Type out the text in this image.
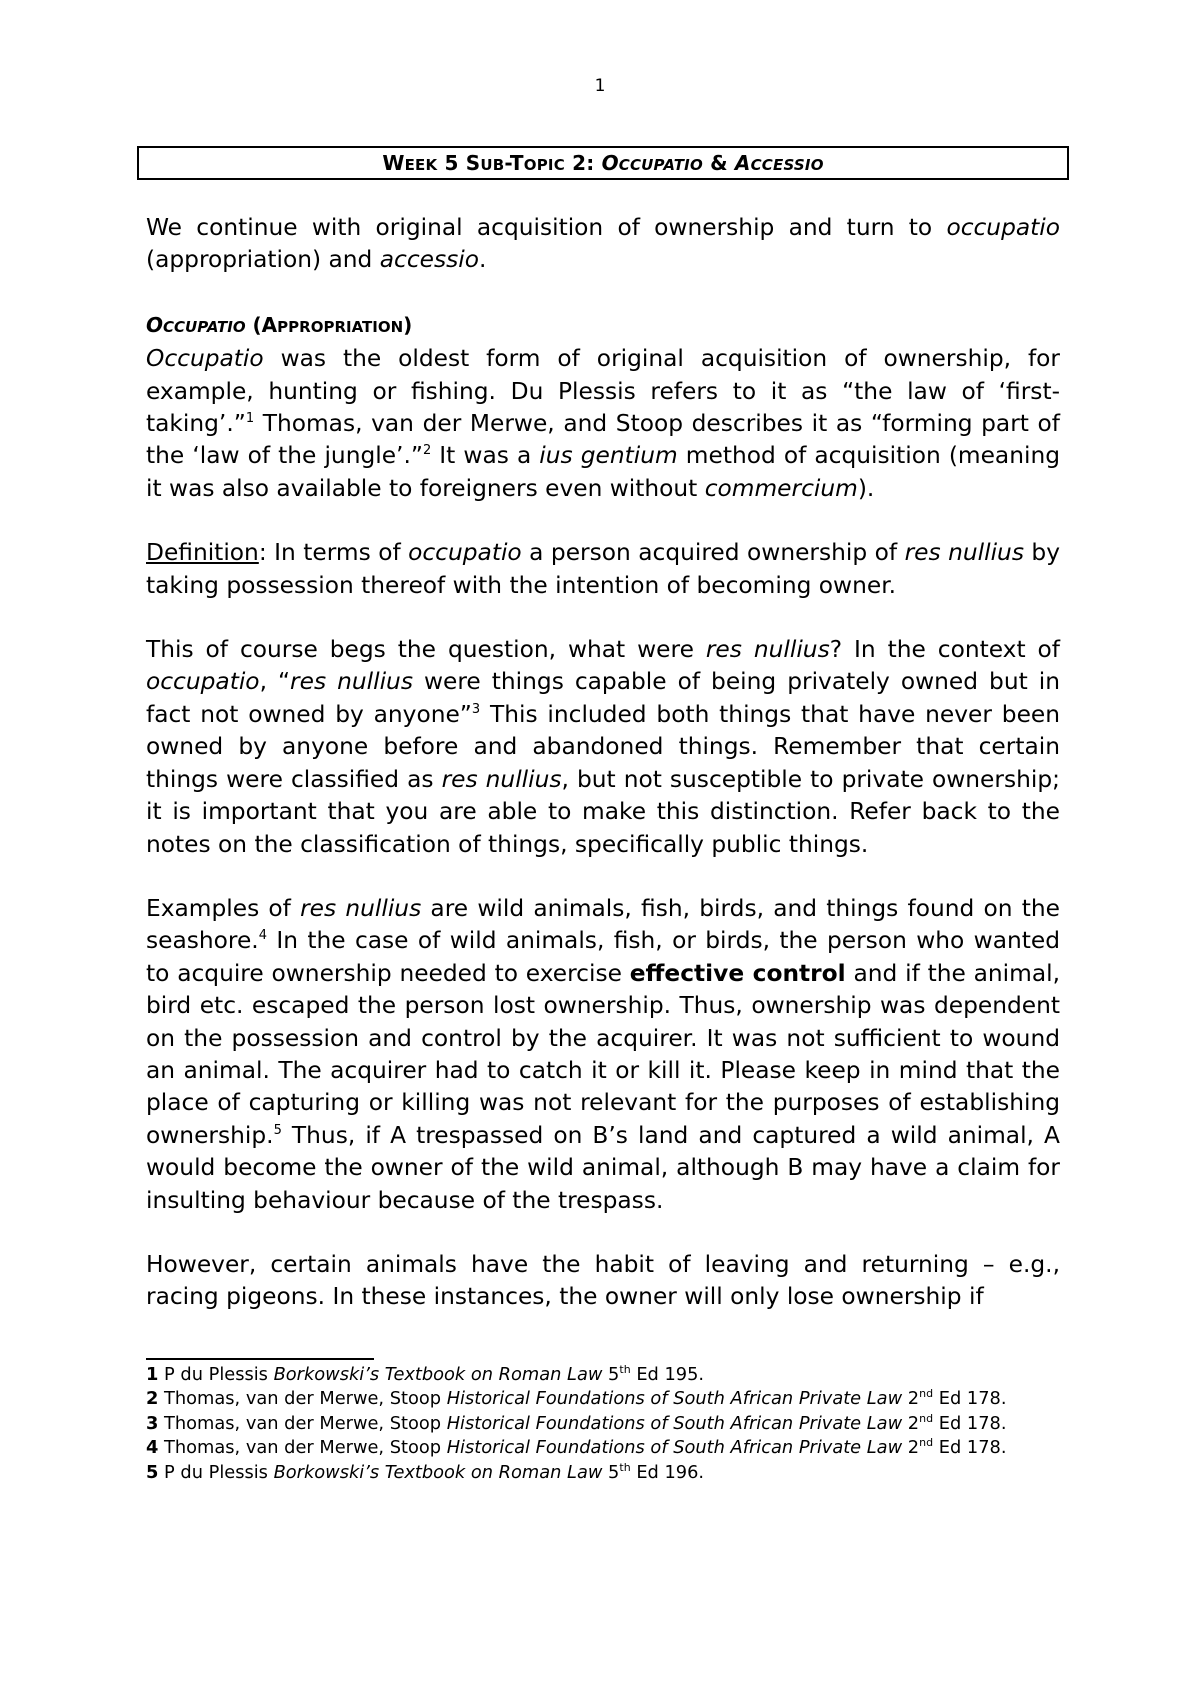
1
WEEK 5 SUB-TOPIC 2: OCCUPATIO & ACCESSIO

We continue with original acquisition of ownership and turn to occupatio (appropriation) and accessio.

OCCUPATIO (APPROPRIATION)

Occupatio was the oldest form of original acquisition of ownership, for example, hunting or fishing. Du Plessis refers to it as “the law of ‘first-taking’.”$^1$ Thomas, van der Merwe, and Stoop describes it as “forming part of the ‘law of the jungle’.”$^2$ It was a ius gentium method of acquisition (meaning it was also available to foreigners even without commercium).

Definition: In terms of occupatio a person acquired ownership of res nullius by taking possession thereof with the intention of becoming owner.

This of course begs the question, what were res nullius? In the context of occupatio, “res nullius were things capable of being privately owned but in fact not owned by anyone”$^3$ This included both things that have never been owned by anyone before and abandoned things. Remember that certain things were classified as res nullius, but not susceptible to private ownership; it is important that you are able to make this distinction. Refer back to the notes on the classification of things, specifically public things.

Examples of res nullius are wild animals, fish, birds, and things found on the seashore.$^4$ In the case of wild animals, fish, or birds, the person who wanted to acquire ownership needed to exercise effective control and if the animal, bird etc. escaped the person lost ownership. Thus, ownership was dependent on the possession and control by the acquirer. It was not sufficient to wound an animal. The acquirer had to catch it or kill it. Please keep in mind that the place of capturing or killing was not relevant for the purposes of establishing ownership.$^5$ Thus, if A trespassed on B’s land and captured a wild animal, A would become the owner of the wild animal, although B may have a claim for insulting behaviour because of the trespass.

However, certain animals have the habit of leaving and returning – e.g., racing pigeons. In these instances, the owner will only lose ownership if

1 P du Plessis Borkowski’s Textbook on Roman Law 5th Ed 195.

2 Thomas, van der Merwe, Stoop Historical Foundations of South African Private Law 2nd Ed 178.

3 Thomas, van der Merwe, Stoop Historical Foundations of South African Private Law 2nd Ed 178.

4 Thomas, van der Merwe, Stoop Historical Foundations of South African Private Law 2nd Ed 178.

5 P du Plessis Borkowski’s Textbook on Roman Law 5th Ed 196.
